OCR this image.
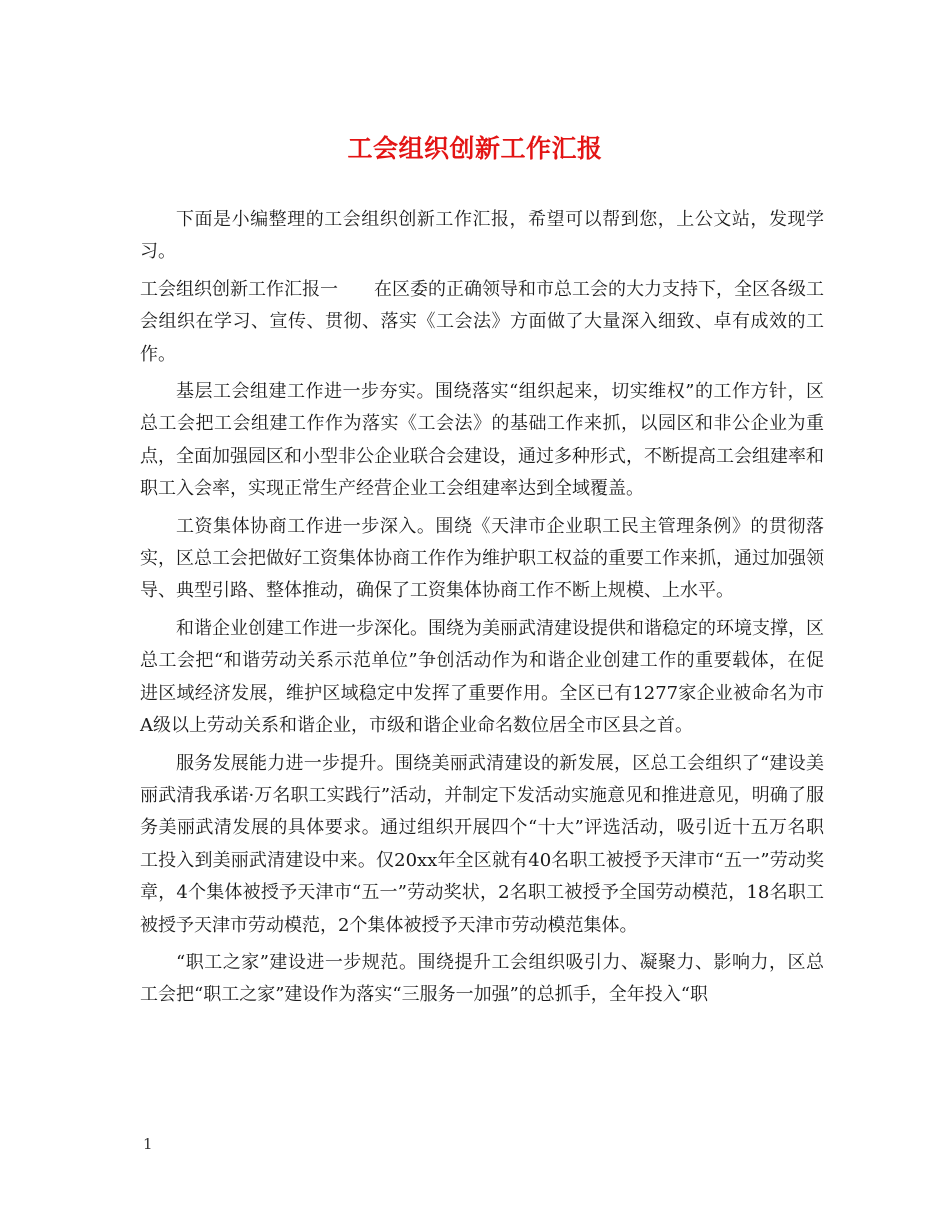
工会组织创新工作汇报

下面是小编整理的工会组织创新工作汇报，希望可以帮到您，上公文站，发现学习。

工会组织创新工作汇报一 在区委的正确领导和市总工会的大力支持下，全区各级工会组织在学习、宣传、贯彻、落实《工会法》方面做了大量深入细致、卓有成效的工作。

基层工会组建工作进一步夯实。围绕落实“组织起来，切实维权”的工作方针，区总工会把工会组建工作作为落实《工会法》的基础工作来抓，以园区和非公企业为重点，全面加强园区和小型非公企业联合会建设，通过多种形式，不断提高工会组建率和职工入会率，实现正常生产经营企业工会组建率达到全域覆盖。

工资集体协商工作进一步深入。围绕《天津市企业职工民主管理条例》的贯彻落实，区总工会把做好工资集体协商工作作为维护职工权益的重要工作来抓，通过加强领导、典型引路、整体推动，确保了工资集体协商工作不断上规模、上水平。

和谐企业创建工作进一步深化。围绕为美丽武清建设提供和谐稳定的环境支撑，区总工会把“和谐劳动关系示范单位”争创活动作为和谐企业创建工作的重要载体，在促进区域经济发展，维护区域稳定中发挥了重要作用。全区已有1277家企业被命名为市A级以上劳动关系和谐企业，市级和谐企业命名数位居全市区县之首。

服务发展能力进一步提升。围绕美丽武清建设的新发展，区总工会组织了“建设美丽武清我承诺·万名职工实践行”活动，并制定下发活动实施意见和推进意见，明确了服务美丽武清发展的具体要求。通过组织开展四个“十大”评选活动，吸引近十五万名职工投入到美丽武清建设中来。仅20xx年全区就有40名职工被授予天津市“五一”劳动奖章，4个集体被授予天津市“五一”劳动奖状，2名职工被授予全国劳动模范，18名职工被授予天津市劳动模范，2个集体被授予天津市劳动模范集体。

“职工之家”建设进一步规范。围绕提升工会组织吸引力、凝聚力、影响力，区总工会把“职工之家”建设作为落实“三服务一加强”的总抓手，全年投入“职

1
